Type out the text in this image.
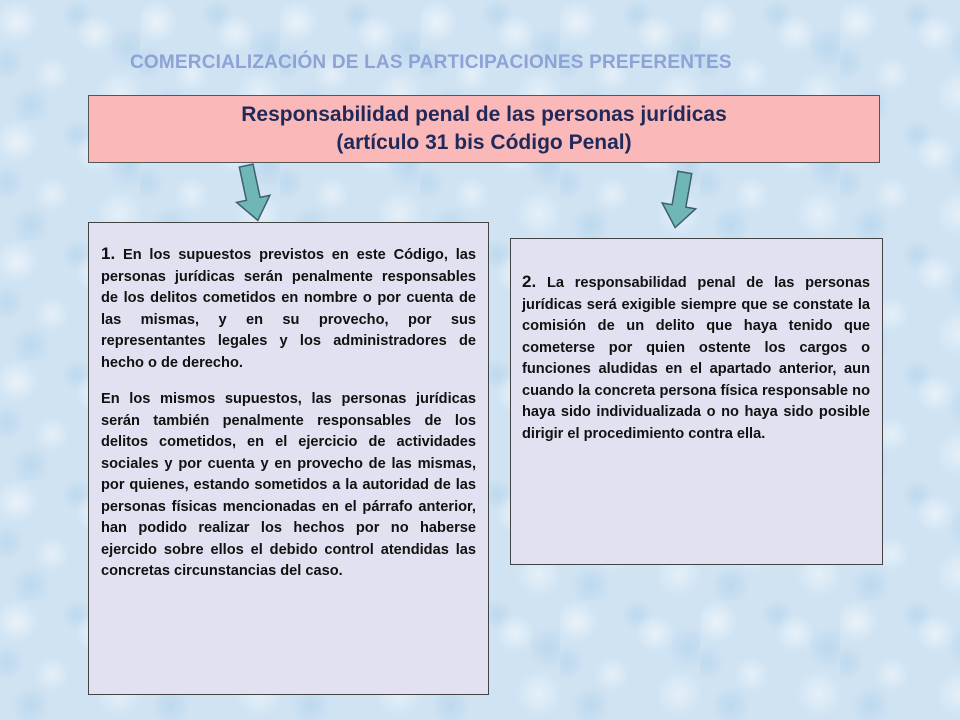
COMERCIALIZACIÓN DE LAS PARTICIPACIONES PREFERENTES
Responsabilidad penal de las personas jurídicas
(artículo 31 bis Código Penal)

1. En los supuestos previstos en este Código, las personas jurídicas serán penalmente responsables de los delitos cometidos en nombre o por cuenta de las mismas, y en su provecho, por sus representantes legales y los administradores de hecho o de derecho.

En los mismos supuestos, las personas jurídicas serán también penalmente responsables de los delitos cometidos, en el ejercicio de actividades sociales y por cuenta y en provecho de las mismas, por quienes, estando sometidos a la autoridad de las personas físicas mencionadas en el párrafo anterior, han podido realizar los hechos por no haberse ejercido sobre ellos el debido control atendidas las concretas circunstancias del caso.

2. La responsabilidad penal de las personas jurídicas será exigible siempre que se constate la comisión de un delito que haya tenido que cometerse por quien ostente los cargos o funciones aludidas en el apartado anterior, aun cuando la concreta persona física responsable no haya sido individualizada o no haya sido posible dirigir el procedimiento contra ella.
